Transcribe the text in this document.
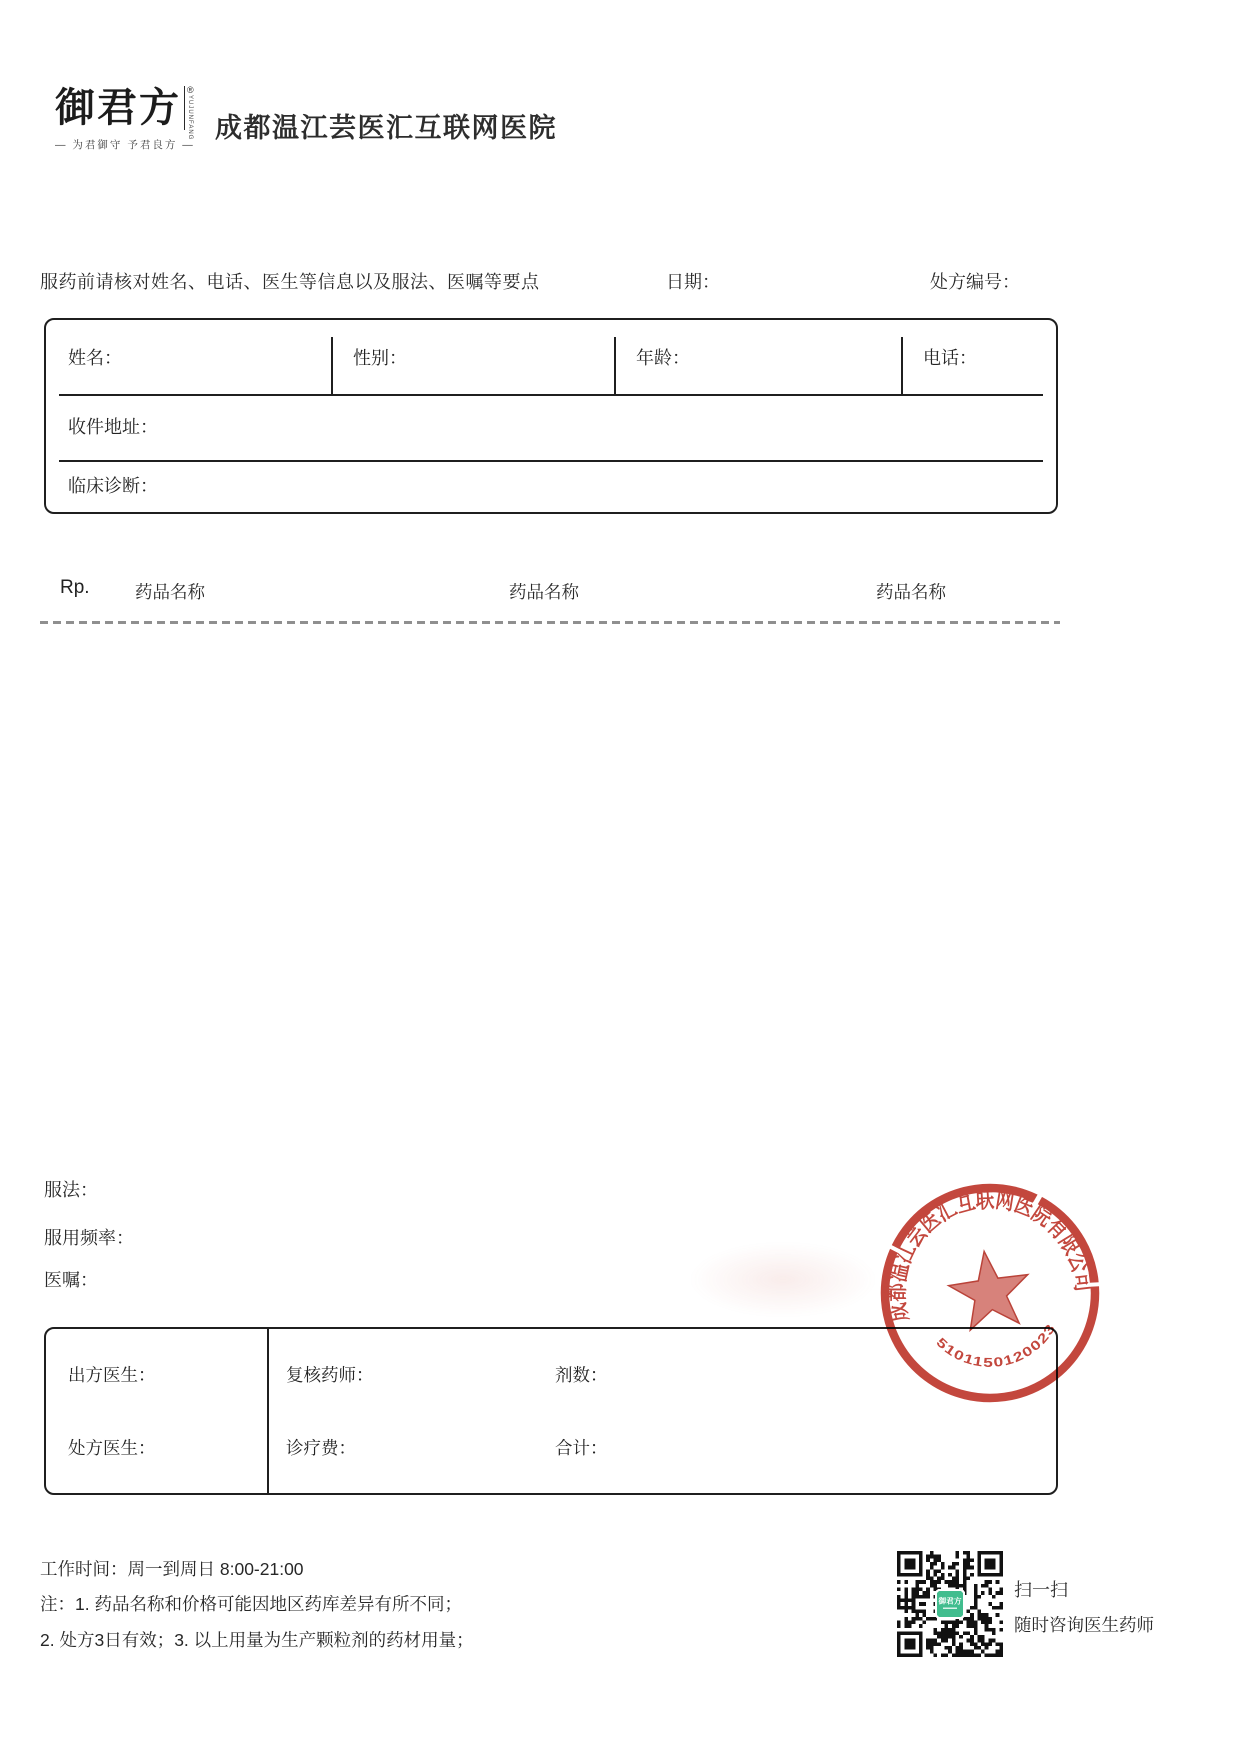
御君方 ®
YUJUNFANG
— 为君御守 予君良方 —
成都温江芸医汇互联网医院
服药前请核对姓名、电话、医生等信息以及服法、医嘱等要点	日期：	处方编号：
姓名：	性别：	年龄：	电话：
收件地址：
临床诊断：
Rp.	药品名称	药品名称	药品名称
服法：
服用频率：
医嘱：
出方医生：	复核药师：	剂数：
处方医生：	诊疗费：	合计：
成都温江芸医汇互联网医院有限公司
5101150120023
工作时间：周一到周日 8:00-21:00
注：1. 药品名称和价格可能因地区药库差异有所不同；
2. 处方3日有效；3. 以上用量为生产颗粒剂的药材用量；
御君方
扫一扫
随时咨询医生药师
